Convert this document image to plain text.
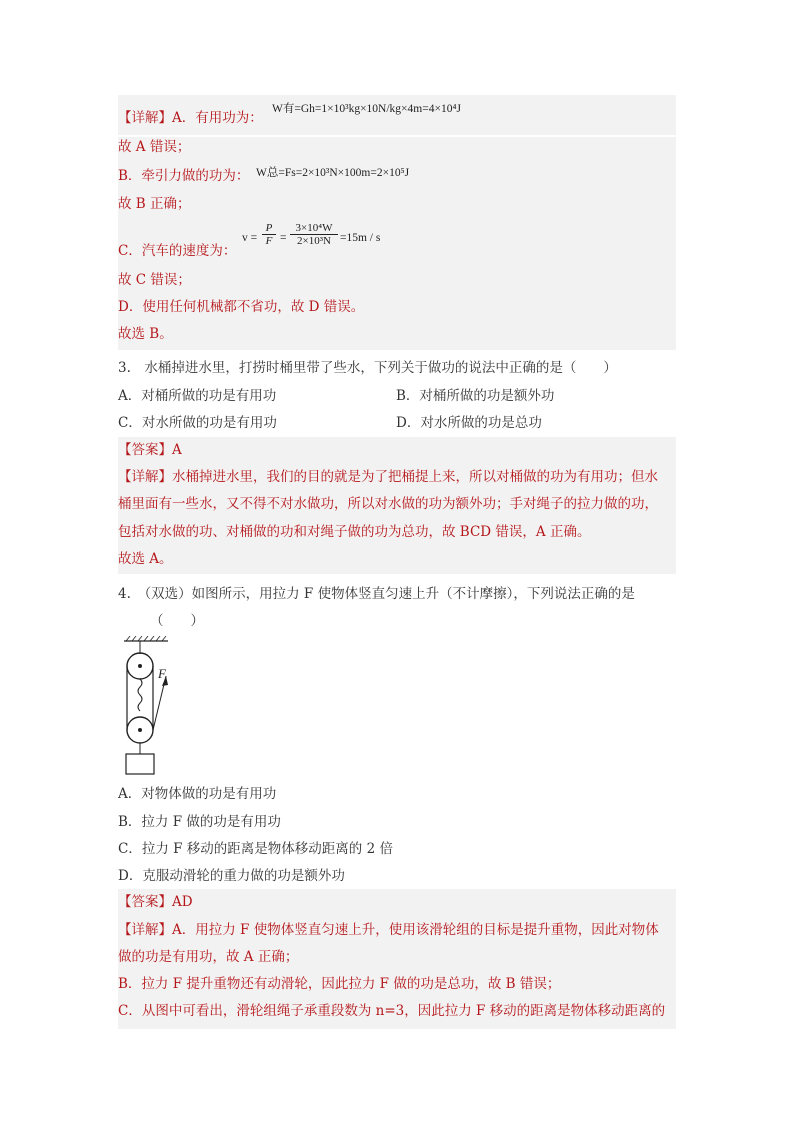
【详解】A．有用功为：
W有=Gh=1×10³kg×10N/kg×4m=4×10⁴J
故 A 错误；
B．牵引力做的功为： W总=Fs=2×10³N×100m=2×10⁵J
故 B 正确；
C．汽车的速度为：
$v = \frac{P}{F} = \frac{\text{3×10⁴W}}{\text{2×10³N}} =15m / s$
故 C 错误；
D．使用任何机械都不省功，故 D 错误。
故选 B。
3.　水桶掉进水里，打捞时桶里带了些水，下列关于做功的说法中正确的是（　　）
A．对桶所做的功是有用功	B．对桶所做的功是额外功
C．对水所做的功是有用功	D．对水所做的功是总功
【答案】A
【详解】水桶掉进水里，我们的目的就是为了把桶提上来，所以对桶做的功为有用功；但水
桶里面有一些水，又不得不对水做功，所以对水做的功为额外功；手对绳子的拉力做的功，
包括对水做的功、对桶做的功和对绳子做的功为总功，故 BCD 错误，A 正确。
故选 A。
4.　（双选）如图所示，用拉力 F 使物体竖直匀速上升（不计摩擦），下列说法正确的是
（　　）
F
A．对物体做的功是有用功
B．拉力 F 做的功是有用功
C．拉力 F 移动的距离是物体移动距离的 2 倍
D．克服动滑轮的重力做的功是额外功
【答案】AD
【详解】A．用拉力 F 使物体竖直匀速上升，使用该滑轮组的目标是提升重物，因此对物体
做的功是有用功，故 A 正确；
B．拉力 F 提升重物还有动滑轮，因此拉力 F 做的功是总功，故 B 错误；
C．从图中可看出，滑轮组绳子承重段数为 n=3，因此拉力 F 移动的距离是物体移动距离的
